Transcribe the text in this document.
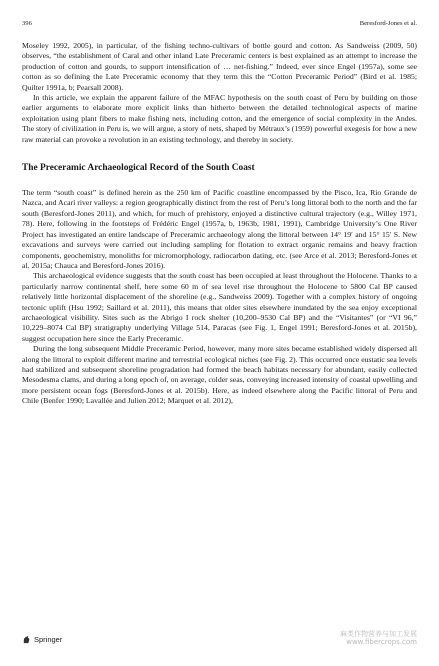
396	Beresford-Jones et al.

Moseley 1992, 2005), in particular, of the fishing techno-cultivars of bottle gourd and cotton. As Sandweiss (2009, 50) observes, “the establishment of Caral and other inland Late Preceramic centers is best explained as an attempt to increase the production of cotton and gourds, to support intensification of … net-fishing.” Indeed, ever since Engel (1957a), some see cotton as so defining the Late Preceramic economy that they term this the “Cotton Preceramic Period” (Bird et al. 1985; Quilter 1991a, b; Pearsall 2008).

In this article, we explain the apparent failure of the MFAC hypothesis on the south coast of Peru by building on those earlier arguments to elaborate more explicit links than hitherto between the detailed technological aspects of marine exploitation using plant fibers to make fishing nets, including cotton, and the emergence of social complexity in the Andes. The story of civilization in Peru is, we will argue, a story of nets, shaped by Métraux’s (1959) powerful exegesis for how a new raw material can provoke a revolution in an existing technology, and thereby in society.

The Preceramic Archaeological Record of the South Coast

The term “south coast” is defined herein as the 250 km of Pacific coastline encompassed by the Pisco, Ica, Rio Grande de Nazca, and Acarí river valleys: a region geographically distinct from the rest of Peru’s long littoral both to the north and the far south (Beresford-Jones 2011), and which, for much of prehistory, enjoyed a distinctive cultural trajectory (e.g., Willey 1971, 78). Here, following in the footsteps of Frédéric Engel (1957a, b, 1963b, 1981, 1991), Cambridge University’s One River Project has investigated an entire landscape of Preceramic archaeology along the littoral between 14° 19′ and 15° 15′ S. New excavations and surveys were carried out including sampling for flotation to extract organic remains and heavy fraction components, geochemistry, monoliths for micromorphology, radiocarbon dating, etc. (see Arce et al. 2013; Beresford-Jones et al. 2015a; Chauca and Beresford-Jones 2016).

This archaeological evidence suggests that the south coast has been occupied at least throughout the Holocene. Thanks to a particularly narrow continental shelf, here some 60 m of sea level rise throughout the Holocene to 5800 Cal BP caused relatively little horizontal displacement of the shoreline (e.g., Sandweiss 2009). Together with a complex history of ongoing tectonic uplift (Hsu 1992; Saillard et al. 2011), this means that older sites elsewhere inundated by the sea enjoy exceptional archaeological visibility. Sites such as the Abrigo I rock shelter (10,200–9530 Cal BP) and the “Visitantes” (or “VI 96,” 10,229–8074 Cal BP) stratigraphy underlying Village 514, Paracas (see Fig. 1, Engel 1991; Beresford-Jones et al. 2015b), suggest occupation here since the Early Preceramic.

During the long subsequent Middle Preceramic Period, however, many more sites became established widely dispersed all along the littoral to exploit different marine and terrestrial ecological niches (see Fig. 2). This occurred once eustatic sea levels had stabilized and subsequent shoreline progradation had formed the beach habitats necessary for abundant, easily collected Mesodesma clams, and during a long epoch of, on average, colder seas, conveying increased intensity of coastal upwelling and more persistent ocean fogs (Beresford-Jones et al. 2015b). Here, as indeed elsewhere along the Pacific littoral of Peru and Chile (Benfer 1990; Lavallée and Julien 2012; Marquet et al. 2012),

Springer
麻类作物营养与加工发展
www.fibercrops.com
